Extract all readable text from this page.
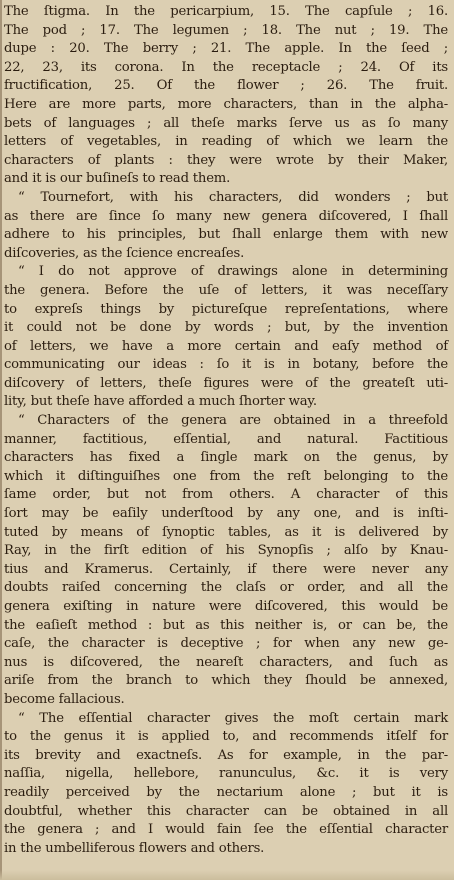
The ſtigma. In the pericarpium, 15. The capſule ; 16.
The pod ; 17. The legumen ; 18. The nut ; 19. The
dupe : 20. The berry ; 21. The apple. In the ſeed ;
22, 23, its corona. In the receptacle ; 24. Of its
fructification, 25. Of the flower ; 26. The fruit.
Here are more parts, more characters, than in the alpha-
bets of languages ; all theſe marks ſerve us as ſo many
letters of vegetables, in reading of which we learn the
characters of plants : they were wrote by their Maker,
and it is our buſineſs to read them.
“ Tournefort, with his characters, did wonders ; but
as there are ſince ſo many new genera diſcovered, I ſhall
adhere to his principles, but ſhall enlarge them with new
diſcoveries, as the ſcience encreaſes.
“ I do not approve of drawings alone in determining
the genera. Before the uſe of letters, it was neceſſary
to expreſs things by pictureſque repreſentations, where
it could not be done by words ; but, by the invention
of letters, we have a more certain and eaſy method of
communicating our ideas : ſo it is in botany, before the
diſcovery of letters, theſe figures were of the greateſt uti-
lity, but theſe have afforded a much ſhorter way.
“ Characters of the genera are obtained in a threefold
manner, factitious, eſſential, and natural. Factitious
characters has fixed a ſingle mark on the genus, by
which it diſtinguiſhes one from the reſt belonging to the
ſame order, but not from others. A character of this
ſort may be eaſily underſtood by any one, and is inſti-
tuted by means of ſynoptic tables, as it is delivered by
Ray, in the firſt edition of his Synopſis ; alſo by Knau-
tius and Kramerus. Certainly, if there were never any
doubts raiſed concerning the claſs or order, and all the
genera exiſting in nature were diſcovered, this would be
the eaſieſt method : but as this neither is, or can be, the
caſe, the character is deceptive ; for when any new ge-
nus is diſcovered, the neareſt characters, and ſuch as
ariſe from the branch to which they ſhould be annexed,
become fallacious.
“ The eſſential character gives the moſt certain mark
to the genus it is applied to, and recommends itſelf for
its brevity and exactneſs. As for example, in the par-
naſſia, nigella, hellebore, ranunculus, &c. it is very
readily perceived by the nectarium alone ; but it is
doubtful, whether this character can be obtained in all
the genera ; and I would fain ſee the eſſential character
in the umbelliferous flowers and others.
